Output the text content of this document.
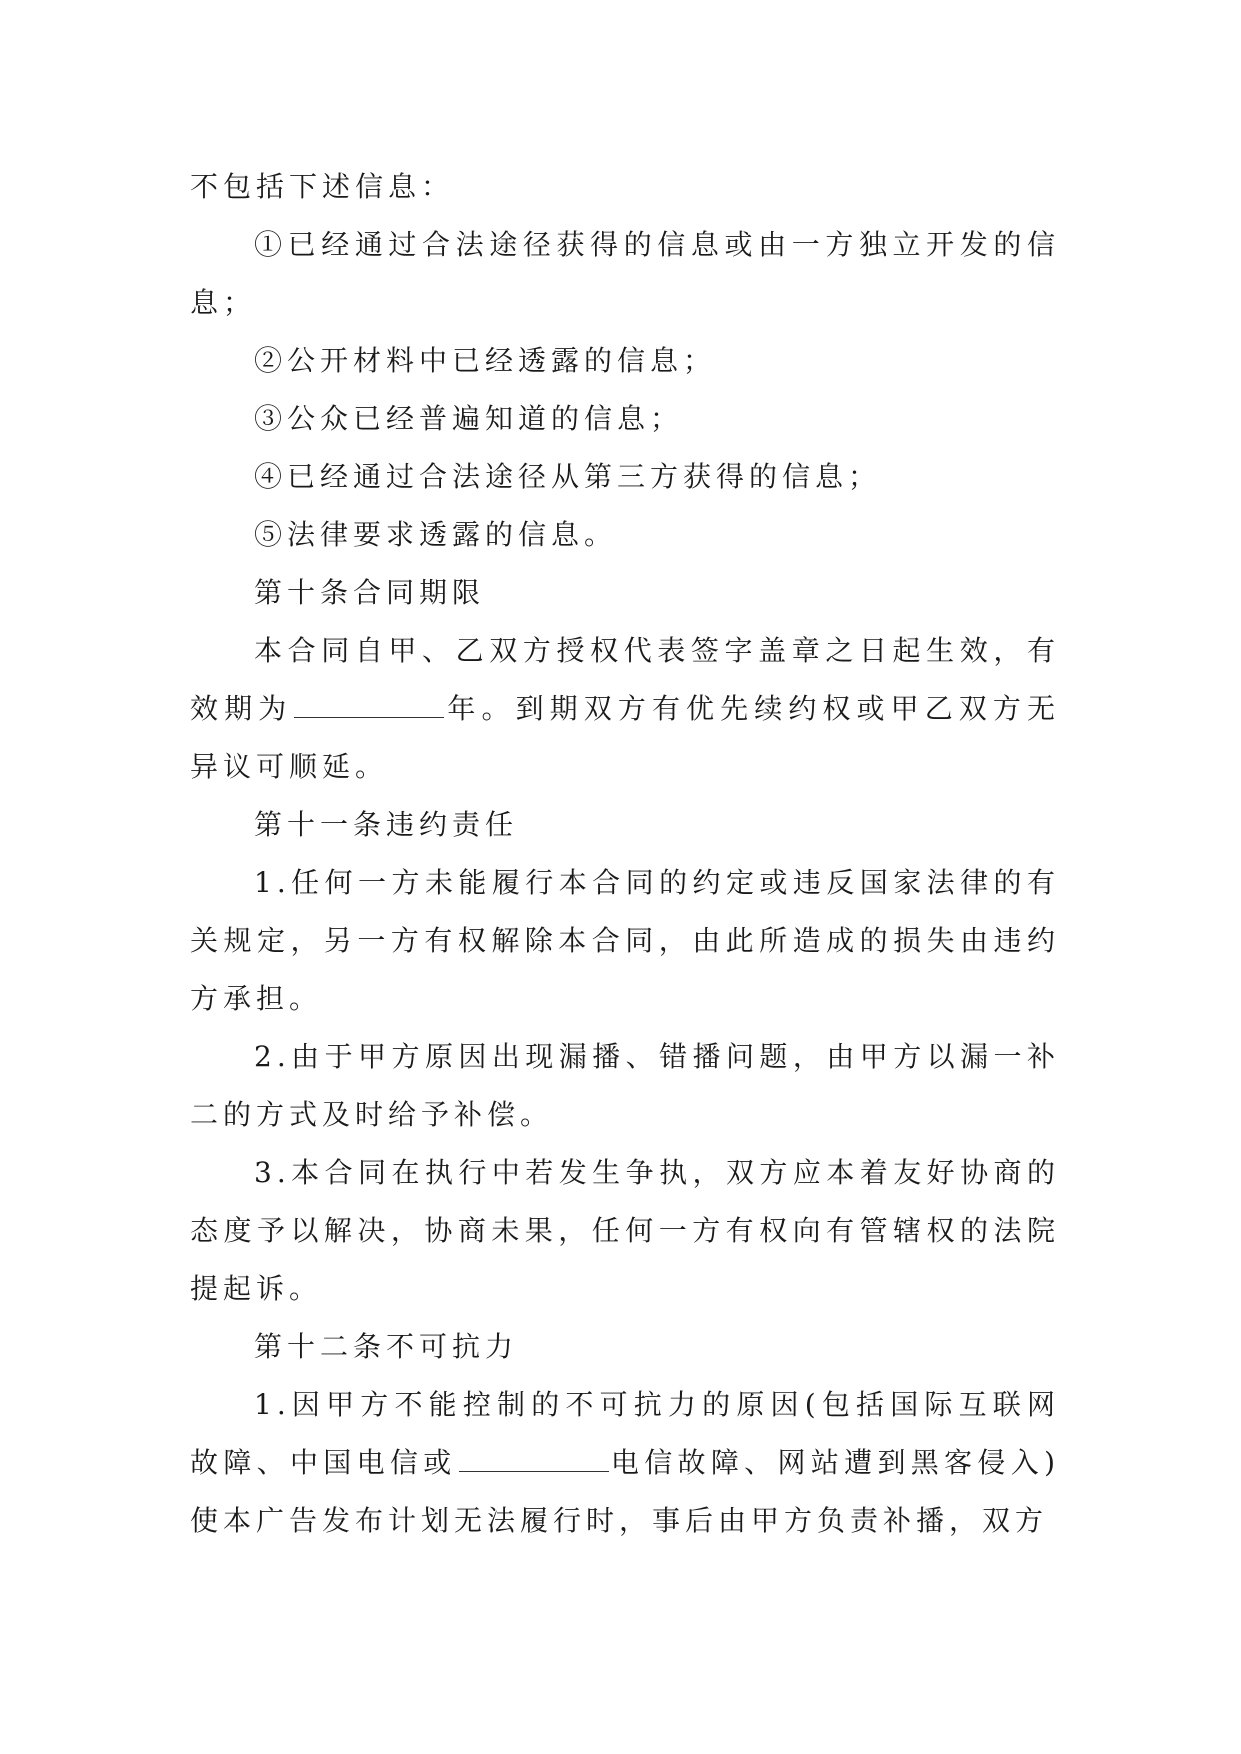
不包括下述信息：

①已经通过合法途径获得的信息或由一方独立开发的信息；

②公开材料中已经透露的信息；

③公众已经普遍知道的信息；

④已经通过合法途径从第三方获得的信息；

⑤法律要求透露的信息。

第十条合同期限

本合同自甲、乙双方授权代表签字盖章之日起生效，有效期为	年。到期双方有优先续约权或甲乙双方无异议可顺延。

第十一条违约责任

1.任何一方未能履行本合同的约定或违反国家法律的有关规定，另一方有权解除本合同，由此所造成的损失由违约方承担。

2.由于甲方原因出现漏播、错播问题，由甲方以漏一补二的方式及时给予补偿。

3.本合同在执行中若发生争执，双方应本着友好协商的态度予以解决，协商未果，任何一方有权向有管辖权的法院提起诉。

第十二条不可抗力

1.因甲方不能控制的不可抗力的原因(包括国际互联网故障、中国电信或	电信故障、网站遭到黑客侵入)使本广告发布计划无法履行时，事后由甲方负责补播，双方
